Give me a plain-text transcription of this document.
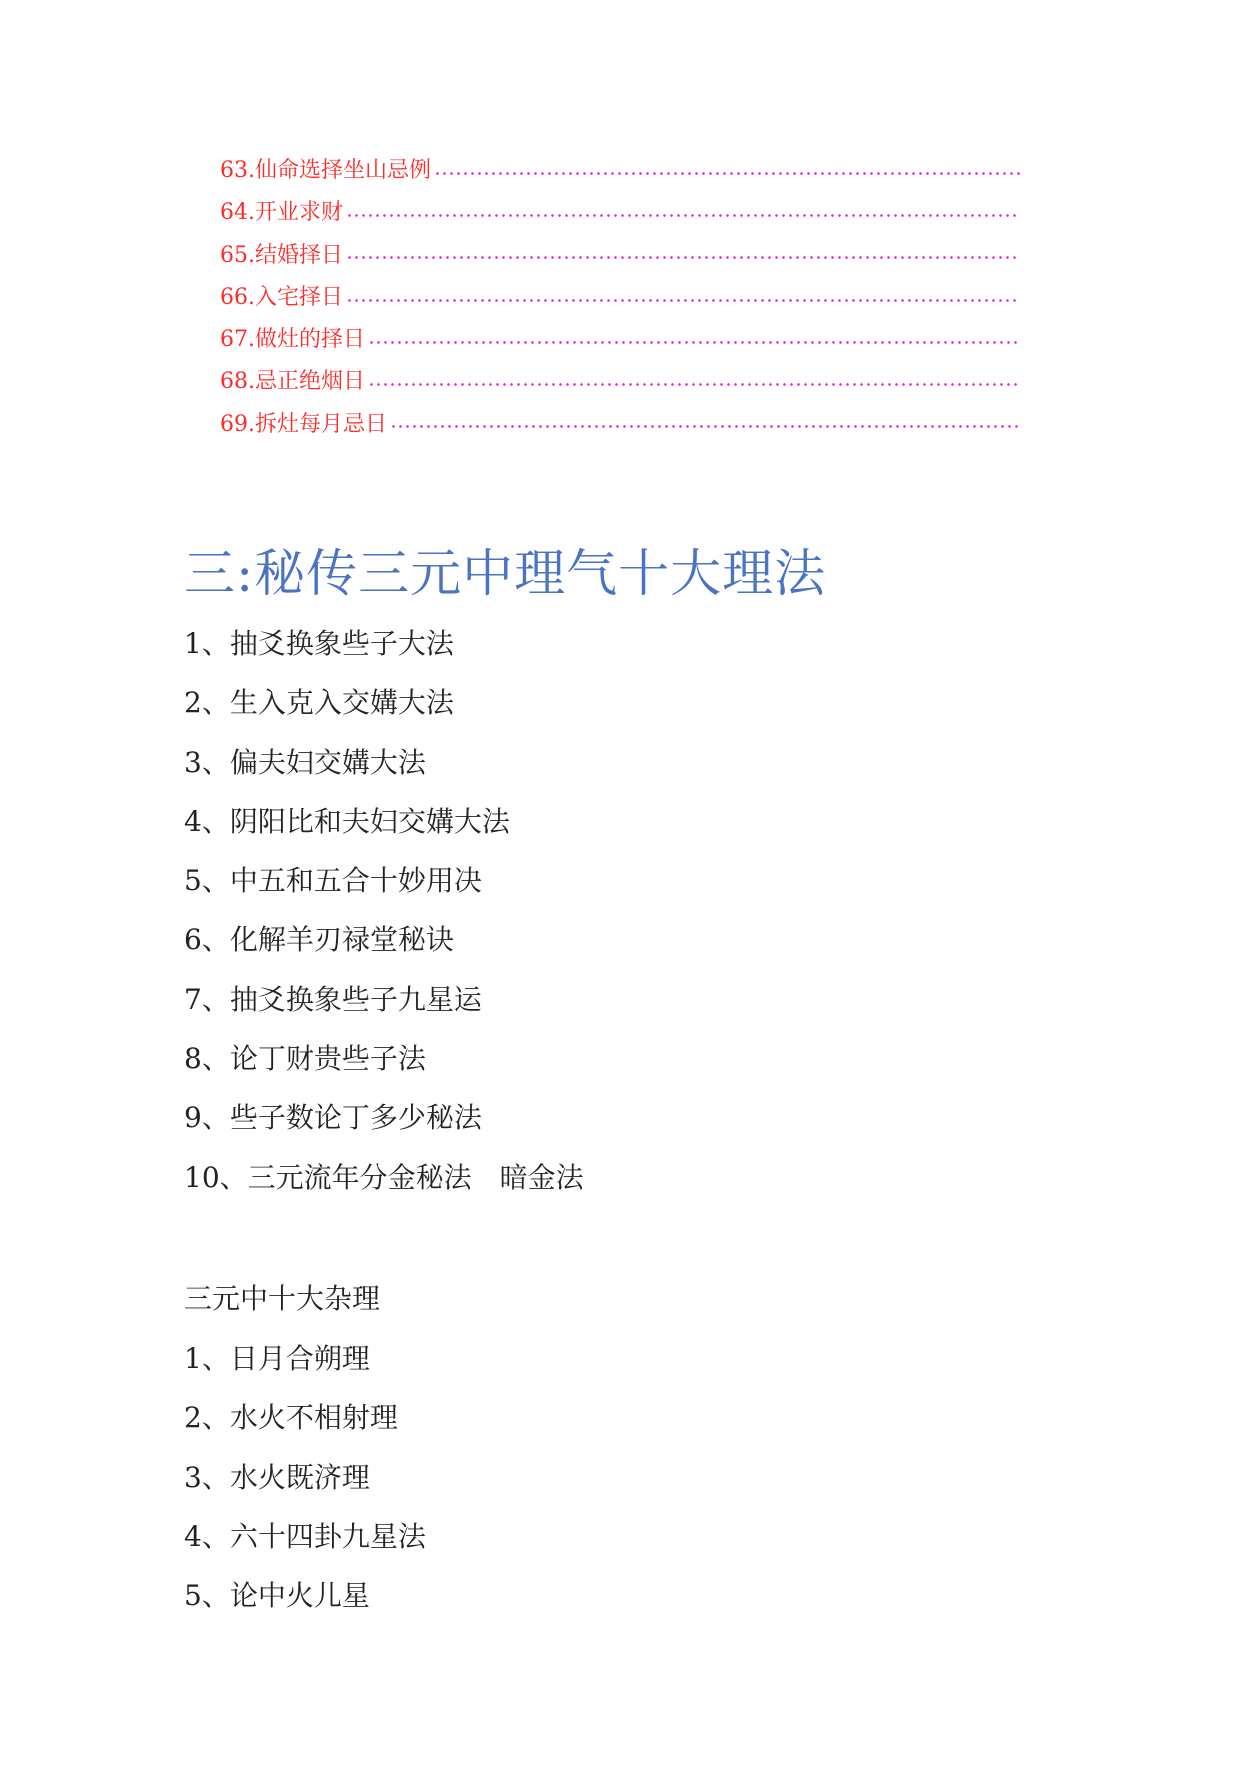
63.仙命选择坐山忌例
64.开业求财
65.结婚择日
66.入宅择日
67.做灶的择日
68.忌正绝烟日
69.拆灶每月忌日
三:秘传三元中理气十大理法
1、抽爻换象些子大法
2、生入克入交媾大法
3、偏夫妇交媾大法
4、阴阳比和夫妇交媾大法
5、中五和五合十妙用决
6、化解羊刃禄堂秘诀
7、抽爻换象些子九星运
8、论丁财贵些子法
9、些子数论丁多少秘法
10、三元流年分金秘法　暗金法
三元中十大杂理
1、日月合朔理
2、水火不相射理
3、水火既济理
4、六十四卦九星法
5、论中火儿星
